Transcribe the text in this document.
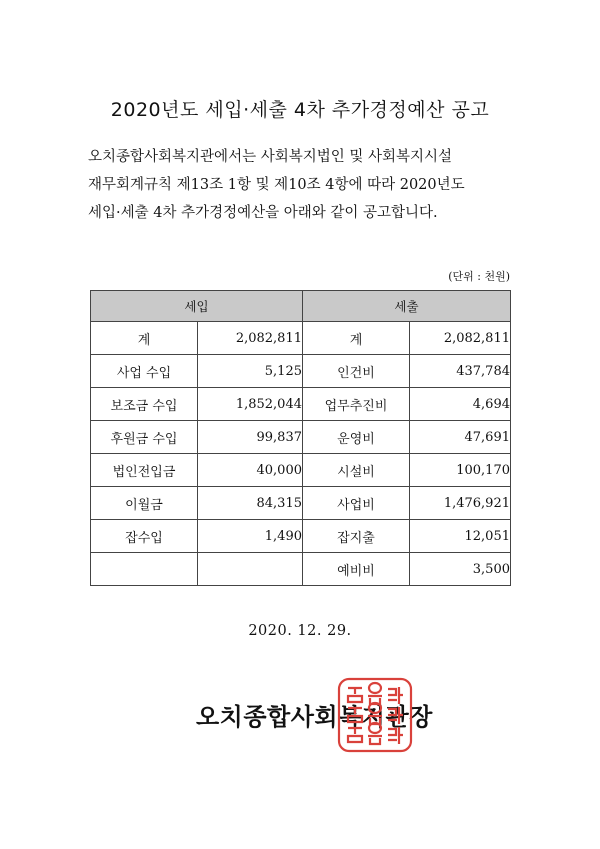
2020년도 세입·세출 4차 추가경정예산 공고
오치종합사회복지관에서는 사회복지법인 및 사회복지시설
재무회계규칙 제13조 1항 및 제10조 4항에 따라 2020년도
세입·세출 4차 추가경정예산을 아래와 같이 공고합니다.
(단위 : 천원)
세입		세출	
계	2,082,811	계	2,082,811
사업 수입	5,125	인건비	437,784
보조금 수입	1,852,044	업무추진비	4,694
후원금 수입	99,837	운영비	47,691
법인전입금	40,000	시설비	100,170
이월금	84,315	사업비	1,476,921
잡수입	1,490	잡지출	12,051
		예비비	3,500
2020. 12. 29.
오치종합사회복지관장
